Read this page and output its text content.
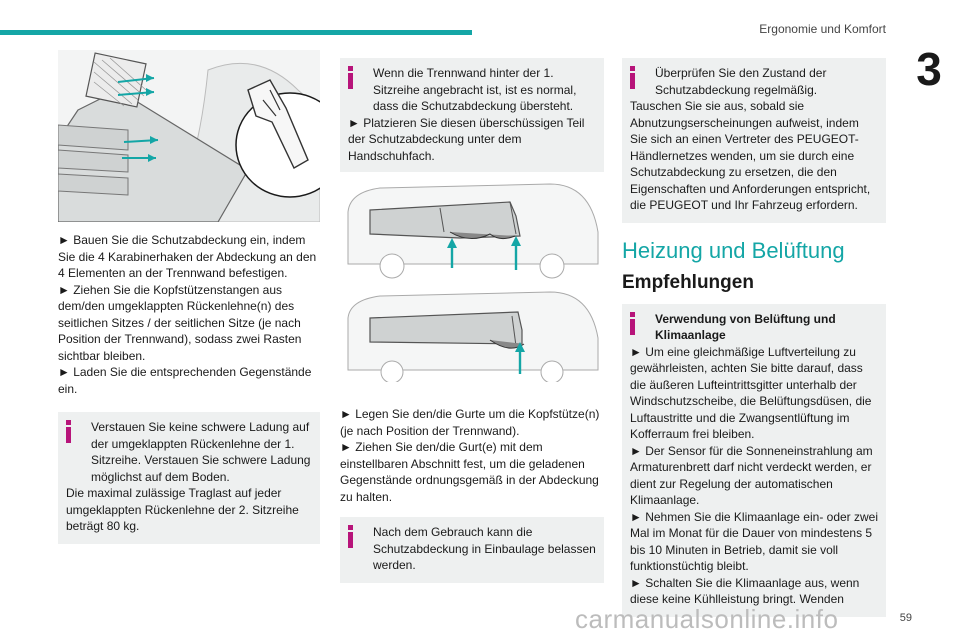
Ergonomie und Komfort
3

► Bauen Sie die Schutzabdeckung ein, indem Sie die 4 Karabinerhaken der Abdeckung an den 4 Elementen an der Trennwand befestigen.

► Ziehen Sie die Kopfstützenstangen aus dem/den umgeklappten Rückenlehne(n) des seitlichen Sitzes / der seitlichen Sitze (je nach Position der Trennwand), sodass zwei Rasten sichtbar bleiben.

► Laden Sie die entsprechenden Gegenstände ein.

Verstauen Sie keine schwere Ladung auf der umgeklappten Rückenlehne der 1. Sitzreihe. Verstauen Sie schwere Ladung möglichst auf dem Boden.

Die maximal zulässige Traglast auf jeder umgeklappten Rückenlehne der 2. Sitzreihe beträgt 80 kg.

Wenn die Trennwand hinter der 1. Sitzreihe angebracht ist, ist es normal, dass die Schutzabdeckung übersteht.

► Platzieren Sie diesen überschüssigen Teil der Schutzabdeckung unter dem Handschuhfach.

► Legen Sie den/die Gurte um die Kopfstütze(n) (je nach Position der Trennwand).

► Ziehen Sie den/die Gurt(e) mit dem einstellbaren Abschnitt fest, um die geladenen Gegenstände ordnungsgemäß in der Abdeckung zu halten.

Nach dem Gebrauch kann die Schutzabdeckung in Einbaulage belassen werden.

Überprüfen Sie den Zustand der Schutzabdeckung regelmäßig.

Tauschen Sie sie aus, sobald sie Abnutzungserscheinungen aufweist, indem Sie sich an einen Vertreter des PEUGEOT-Händlernetzes wenden, um sie durch eine Schutzabdeckung zu ersetzen, die den Eigenschaften und Anforderungen entspricht, die PEUGEOT und Ihr Fahrzeug erfordern.

Heizung und Belüftung
Empfehlungen

Verwendung von Belüftung und Klimaanlage

► Um eine gleichmäßige Luftverteilung zu gewährleisten, achten Sie bitte darauf, dass die äußeren Lufteintrittsgitter unterhalb der Windschutzscheibe, die Belüftungsdüsen, die Luftaustritte und die Zwangsentlüftung im Kofferraum frei bleiben.

► Der Sensor für die Sonneneinstrahlung am Armaturenbrett darf nicht verdeckt werden, er dient zur Regelung der automatischen Klimaanlage.

► Nehmen Sie die Klimaanlage ein- oder zwei Mal im Monat für die Dauer von mindestens 5 bis 10 Minuten in Betrieb, damit sie voll funktionstüchtig bleibt.

► Schalten Sie die Klimaanlage aus, wenn diese keine Kühlleistung bringt. Wenden

carmanualsonline.info	59
